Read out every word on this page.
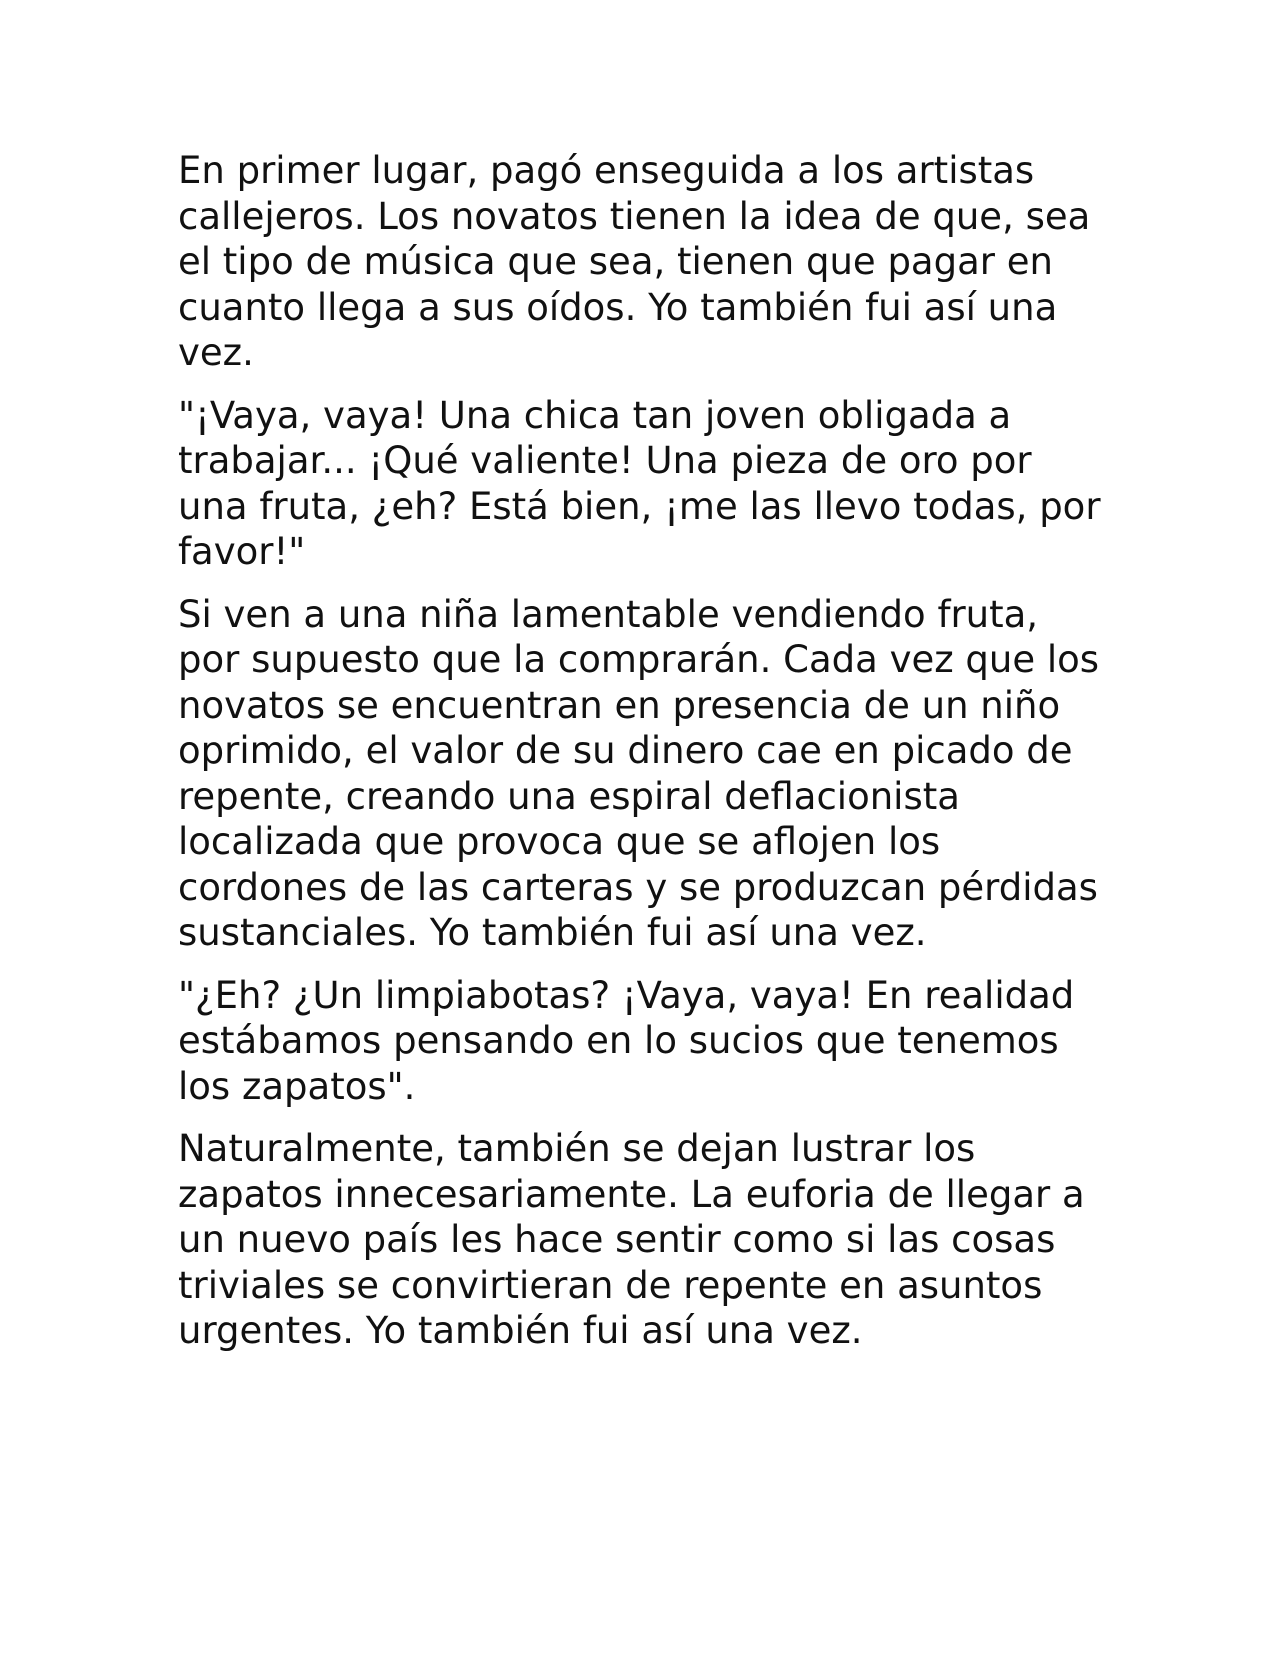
En primer lugar, pagó enseguida a los artistas callejeros. Los novatos tienen la idea de que, sea el tipo de música que sea, tienen que pagar en cuanto llega a sus oídos. Yo también fui así una vez.

"¡Vaya, vaya! Una chica tan joven obligada a trabajar... ¡Qué valiente! Una pieza de oro por una fruta, ¿eh? Está bien, ¡me las llevo todas, por favor!"

Si ven a una niña lamentable vendiendo fruta, por supuesto que la comprarán. Cada vez que los novatos se encuentran en presencia de un niño oprimido, el valor de su dinero cae en picado de repente, creando una espiral deflacionista localizada que provoca que se aflojen los cordones de las carteras y se produzcan pérdidas sustanciales. Yo también fui así una vez.

"¿Eh? ¿Un limpiabotas? ¡Vaya, vaya! En realidad estábamos pensando en lo sucios que tenemos los zapatos".

Naturalmente, también se dejan lustrar los zapatos innecesariamente. La euforia de llegar a un nuevo país les hace sentir como si las cosas triviales se convirtieran de repente en asuntos urgentes. Yo también fui así una vez.
